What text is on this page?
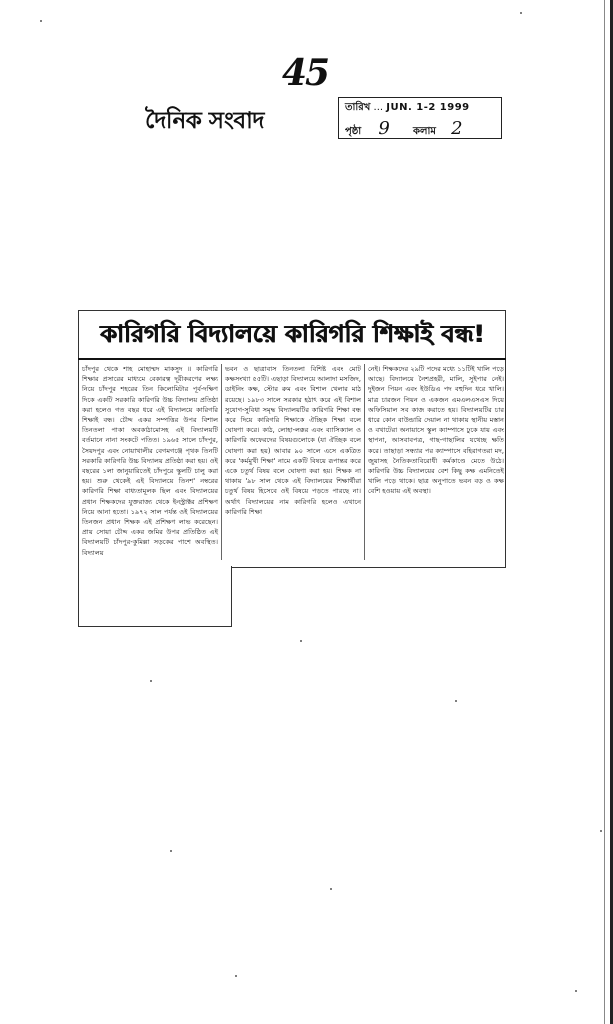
45
দৈনিক সংবাদ
তারিখ ... JUN. 1-2 1999
পৃষ্ঠা 9 কলাম 2
কারিগরি বিদ্যালয়ে কারিগরি শিক্ষাই বন্ধ!

চাঁদপুর থেকে শাহ মোহাম্মদ মাকসুদ ॥ কারিগরি শিক্ষার প্রসারের মাধ্যমে বেকারত্ব দূরীকরণের লক্ষ্য নিয়ে চাঁদপুর শহরের তিন কিলোমিটার পূর্ব-দক্ষিণ দিকে একটি সরকারি কারিগরি উচ্চ বিদ্যালয় প্রতিষ্ঠা করা হলেও গত বছর ধরে এই বিদ্যালয়ে কারিগরি শিক্ষাই বন্ধ। চৌদ্দ একর সম্পত্তির উপর বিশাল তিনতলা পাকা অবকাঠামোসহ এই বিদ্যালয়টি বর্তমানে নানা সংকটে পতিত। ১৯৬৫ সালে চাঁদপুর, সৈয়দপুর এবং নোয়াখালীর বেগমগঞ্জে পৃথক তিনটি সরকারি কারিগরি উচ্চ বিদ্যালয় প্রতিষ্ঠা করা হয়। ওই বছরের ১লা জানুয়ারিতেই চাঁদপুরে স্কুলটি চালু করা হয়। শুরু থেকেই এই বিদ্যালয়ে তিনশ' নম্বরের কারিগরি শিক্ষা বাধ্যতামূলক ছিল এবং বিদ্যালয়ের প্রধান শিক্ষকদের যুক্তরাজ্য থেকে ইনস্ট্রাক্টর প্রশিক্ষণ নিয়ে আনা হতো। ১৯৭২ সাল পর্যন্ত ওই বিদ্যালয়ের তিনজন প্রধান শিক্ষক এই প্রশিক্ষণ লাভ করেছেন। প্রায় সোয়া চৌদ্দ একর জমির উপর প্রতিষ্ঠিত এই বিদ্যালয়টি চাঁদপুর-কুমিল্লা সড়কের পাশে অবস্থিত। বিদ্যালয়

ভবন ও ছাত্রাবাস তিনতলা বিশিষ্ট এবং মোট কক্ষসংখ্যা ৫৫টি। এছাড়া বিদ্যালয়ে আলাদা মসজিদ, ডাইনিং কক্ষ, স্টোর রুম এবং বিশাল খেলার মাঠ রয়েছে। ১৯৮৩ সালে সরকার হঠাৎ করে এই বিশাল সুযোগ-সুবিধা সমৃদ্ধ বিদ্যালয়টির কারিগরি শিক্ষা বন্ধ করে দিয়ে কারিগরি শিক্ষাকে ঐচ্ছিক শিক্ষা বলে ঘোষণা করে। কাঠ, লোহা-লক্কর এবং ব্যাসিক্যাল ও কারিগরি অফেরদের বিষয়গুলোকে (যা ঐচ্ছিক বলে ঘোষণা করা হয়) আবার ৯০ সালে এসে একত্রিত করে 'কর্মমুখী শিক্ষা' নামে একটি বিষয়ে রূপান্তর করে একে চতুর্থ বিষয় বলে ঘোষণা করা হয়। শিক্ষক না থাকায় '৯৮ সাল থেকে এই বিদ্যালয়ের শিক্ষার্থীরা চতুর্থ বিষয় হিসেবে ওই বিষয়ে পড়তে পারছে না। অর্থাৎ বিদ্যালয়ের নাম কারিগরি হলেও এখানে কারিগরি শিক্ষা

নেই। শিক্ষকদের ২৯টি পদের মধ্যে ১১টিই খালি পড়ে আছে। বিদ্যালয়ে নৈশপ্রহরী, মালি, সুইপার নেই। দুইজন পিয়ন এবং ইউডিএ পদ বহুদিন ধরে খালি। মাত্র চারজন পিয়ন ও একজন এমএলএসএস দিয়ে অফিসিয়াল সব কাজ করাতে হয়। বিদ্যালয়টির চার ধারে কোন বাউন্ডারি দেয়াল না থাকায় স্থানীয় মস্তান ও বখাটেরা অনায়াসে স্কুল ক্যাম্পাসে ঢুকে যায় এবং স্থাপনা, আসবাবপত্র, গাছ-গাছালির যথেচ্ছ ক্ষতি করে। তাছাড়া সন্ধ্যার পর ক্যাম্পাসে বহিরাগতরা মদ, জুয়াসহ নৈতিকতাবিরোধী কর্মকাণ্ডে মেতে উঠে। কারিগরি উচ্চ বিদ্যালয়ের বেশ কিছু কক্ষ এমনিতেই খালি পড়ে থাকে। ছাত্র অনুপাতে ভবন বড় ও কক্ষ বেশি হওয়ায় এই অবস্থা।
